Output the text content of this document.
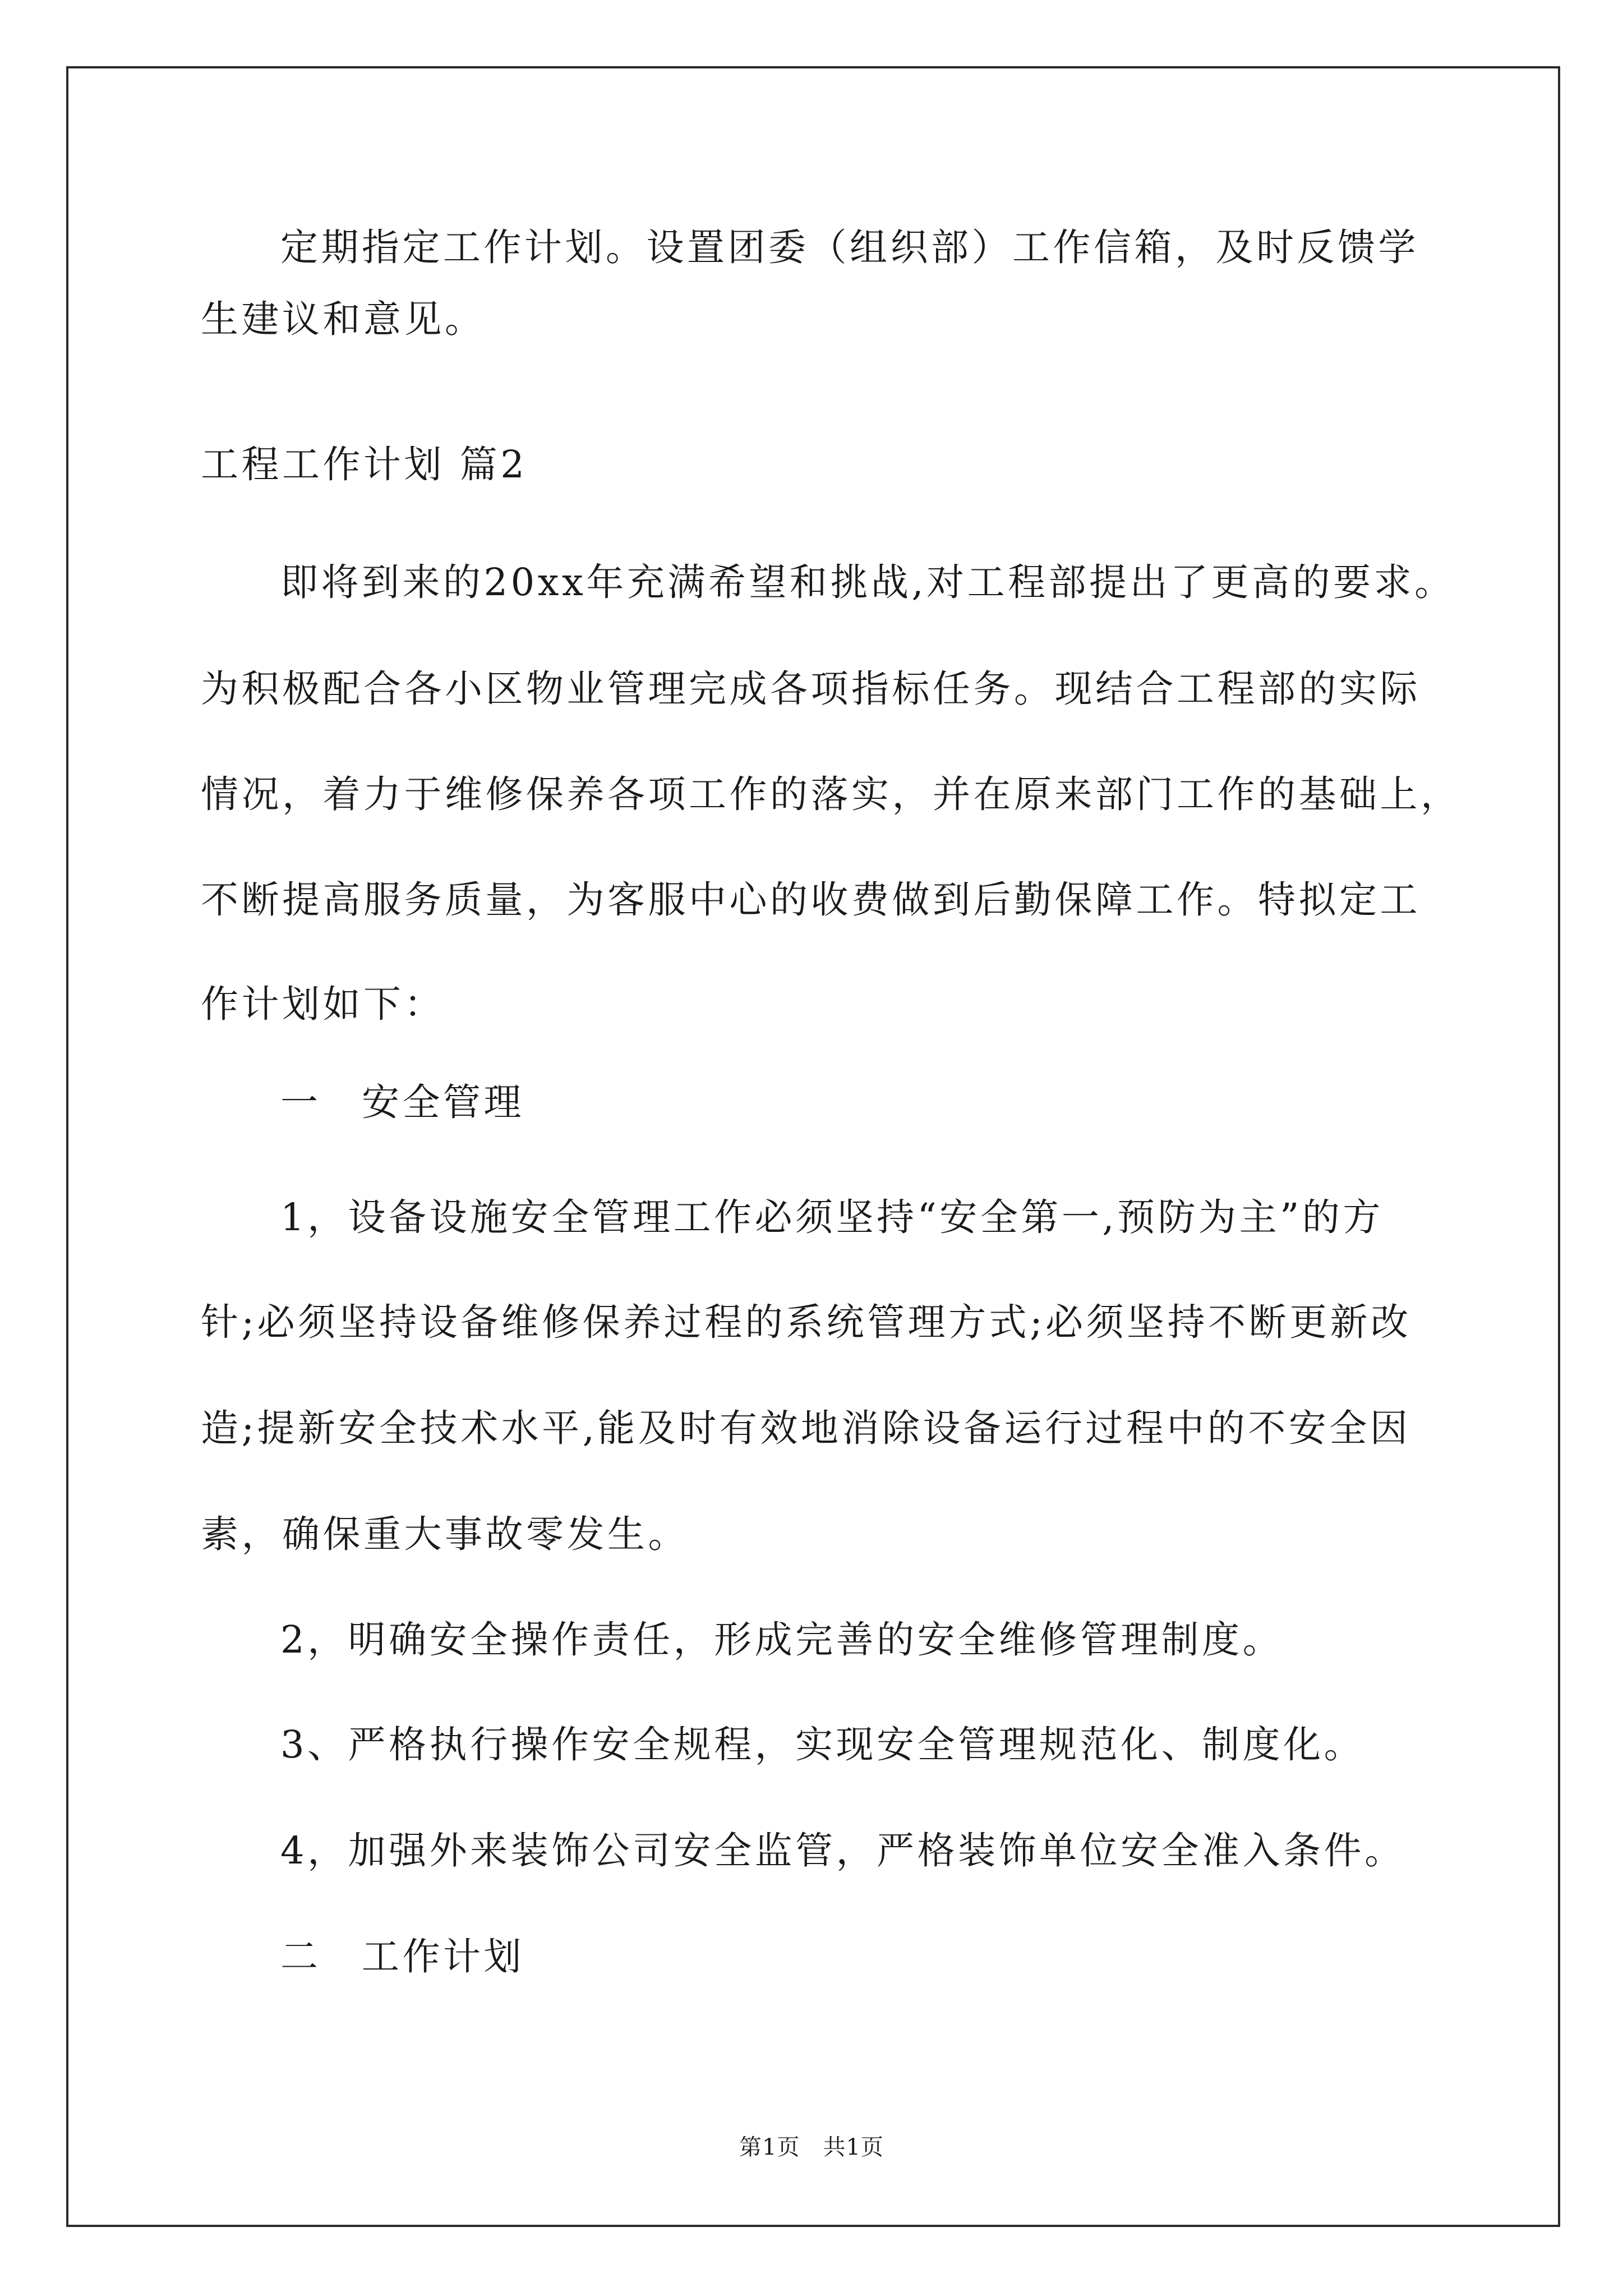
定期指定工作计划。设置团委（组织部）工作信箱，及时反馈学
生建议和意见。
工程工作计划 篇2
即将到来的20xx年充满希望和挑战,对工程部提出了更高的要求。
为积极配合各小区物业管理完成各项指标任务。现结合工程部的实际
情况，着力于维修保养各项工作的落实，并在原来部门工作的基础上，
不断提高服务质量，为客服中心的收费做到后勤保障工作。特拟定工
作计划如下：
一　安全管理
1，设备设施安全管理工作必须坚持“安全第一,预防为主”的方
针;必须坚持设备维修保养过程的系统管理方式;必须坚持不断更新改
造;提新安全技术水平,能及时有效地消除设备运行过程中的不安全因
素，确保重大事故零发生。
2，明确安全操作责任，形成完善的安全维修管理制度。
3、严格执行操作安全规程，实现安全管理规范化、制度化。
4，加强外来装饰公司安全监管，严格装饰单位安全准入条件。
二　工作计划
第1页　共1页
